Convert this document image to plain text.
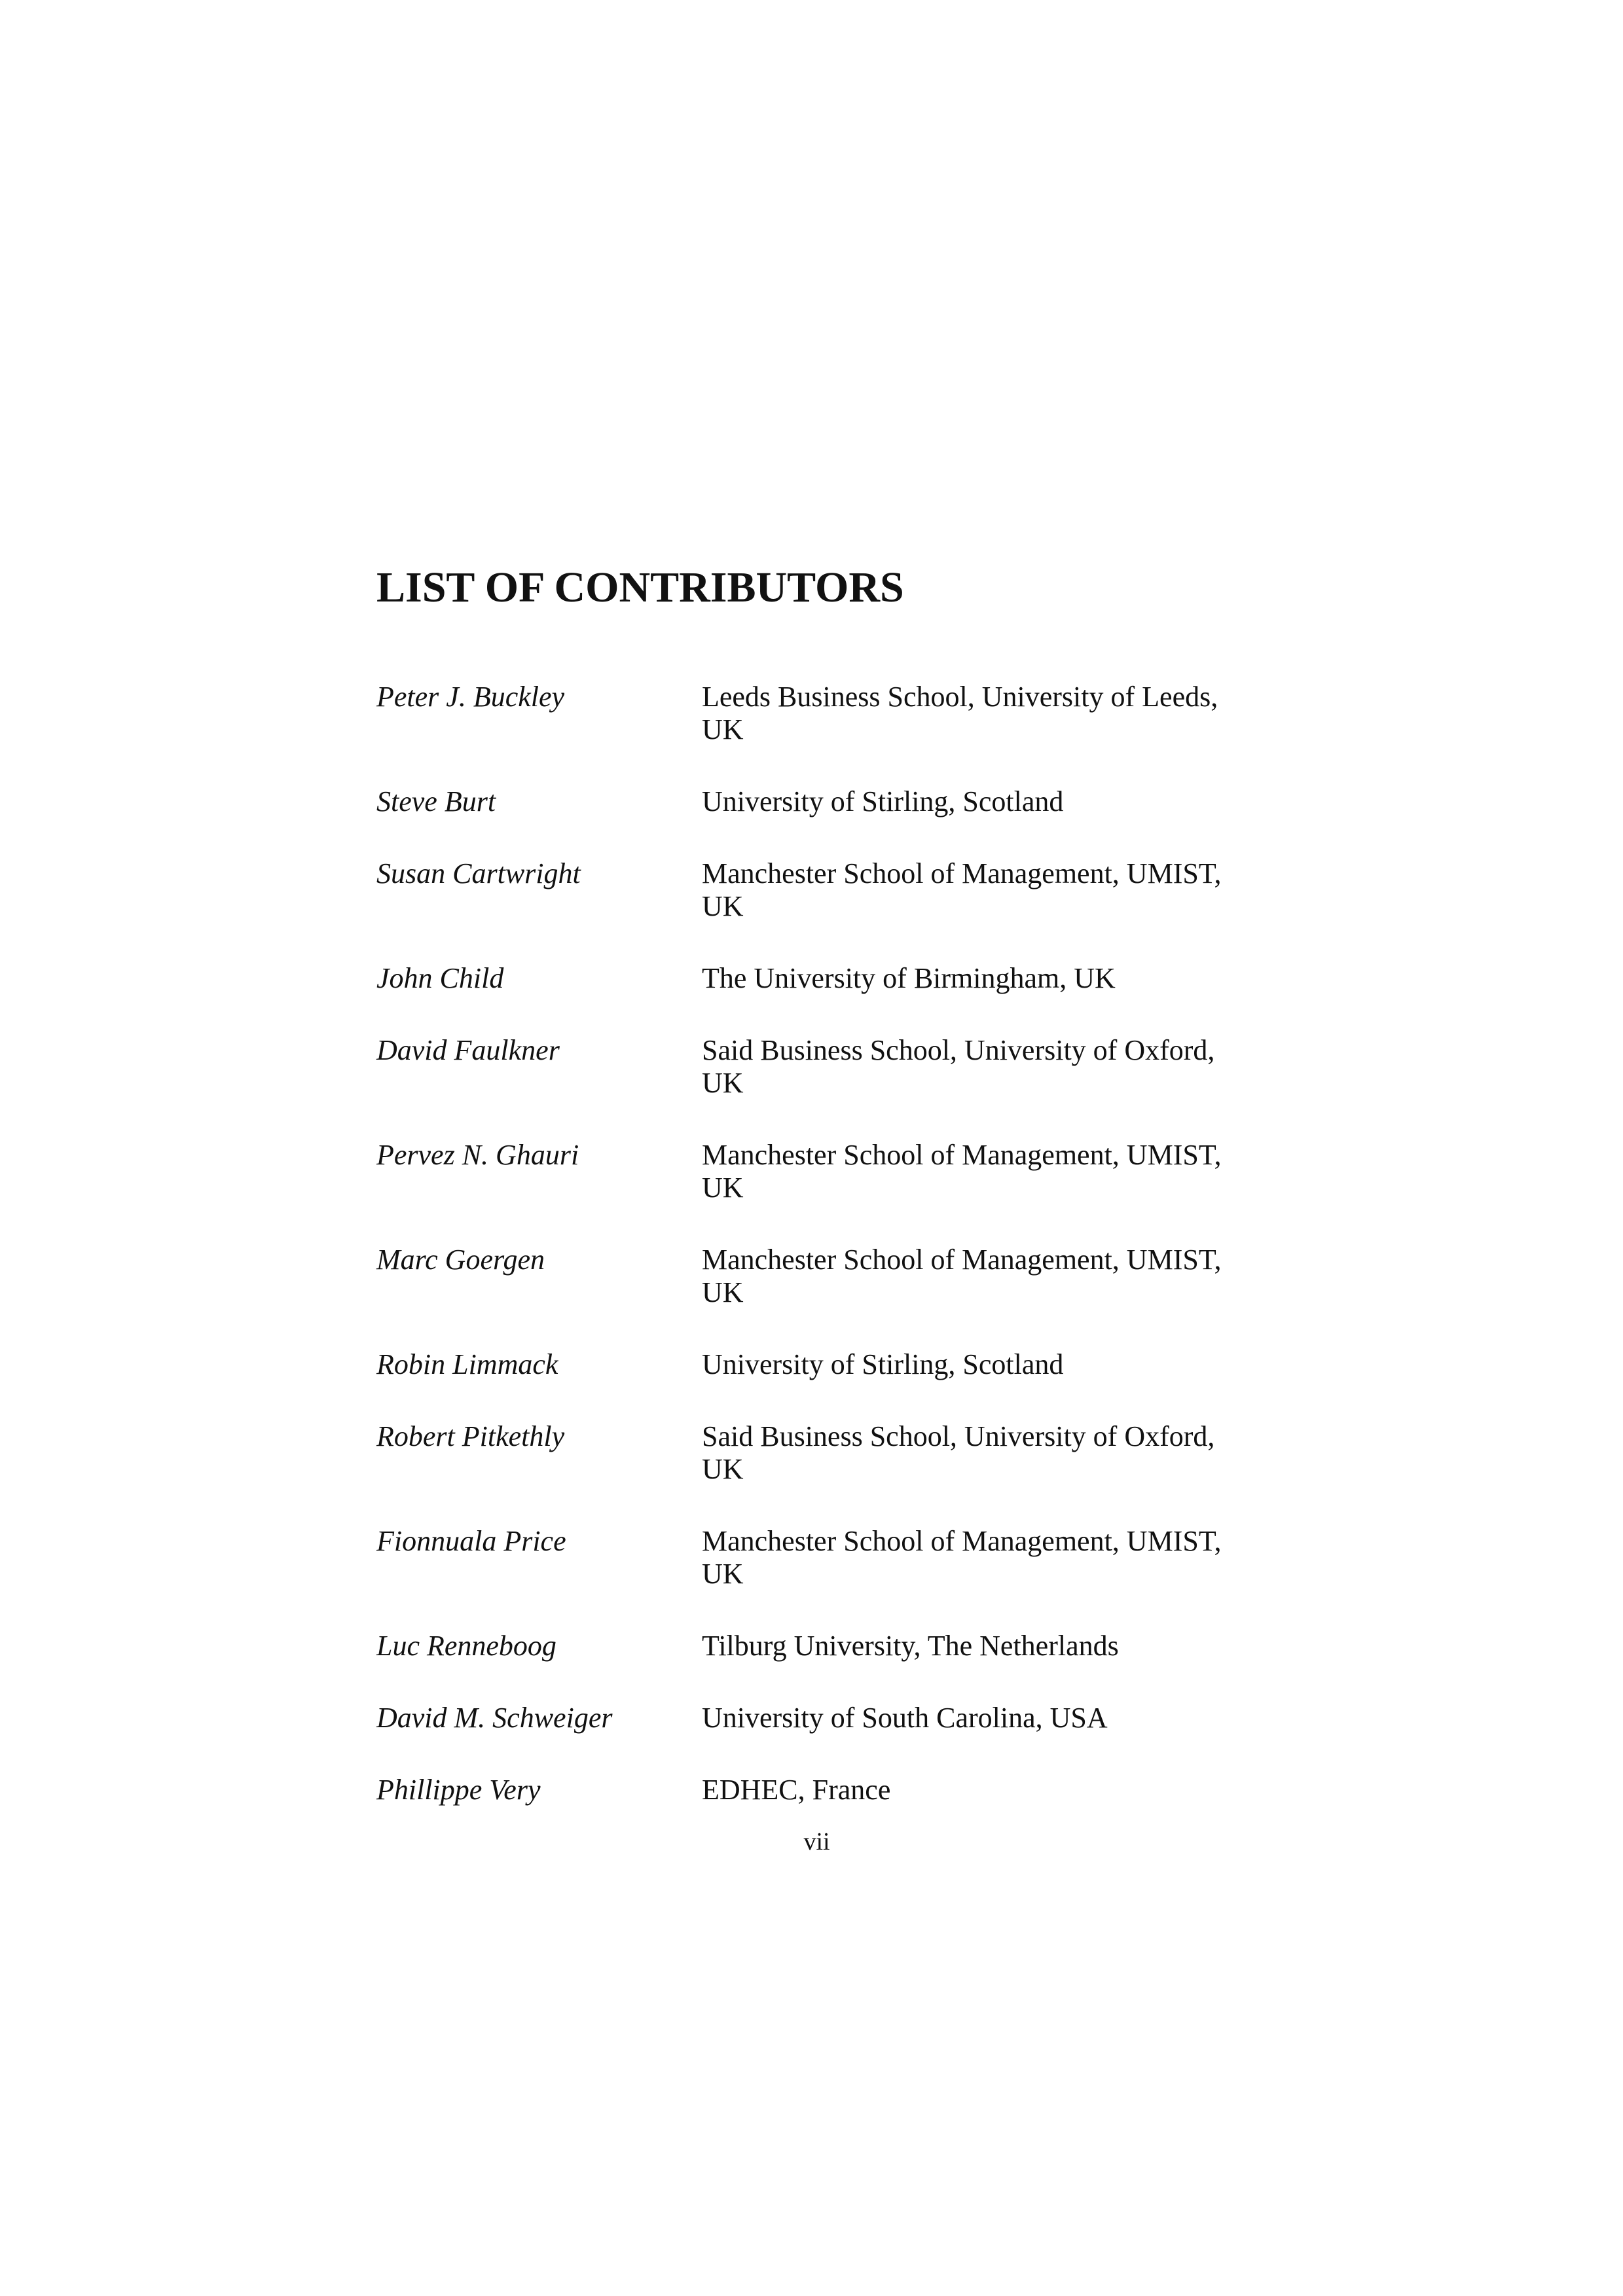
LIST OF CONTRIBUTORS
Peter J. Buckley	Leeds Business School, University of Leeds,
UK
Steve Burt	University of Stirling, Scotland
Susan Cartwright	Manchester School of Management, UMIST,
UK
John Child	The University of Birmingham, UK
David Faulkner	Said Business School, University of Oxford,
UK
Pervez N. Ghauri	Manchester School of Management, UMIST,
UK
Marc Goergen	Manchester School of Management, UMIST,
UK
Robin Limmack	University of Stirling, Scotland
Robert Pitkethly	Said Business School, University of Oxford,
UK
Fionnuala Price	Manchester School of Management, UMIST,
UK
Luc Renneboog	Tilburg University, The Netherlands
David M. Schweiger	University of South Carolina, USA
Phillippe Very	EDHEC, France
vii
